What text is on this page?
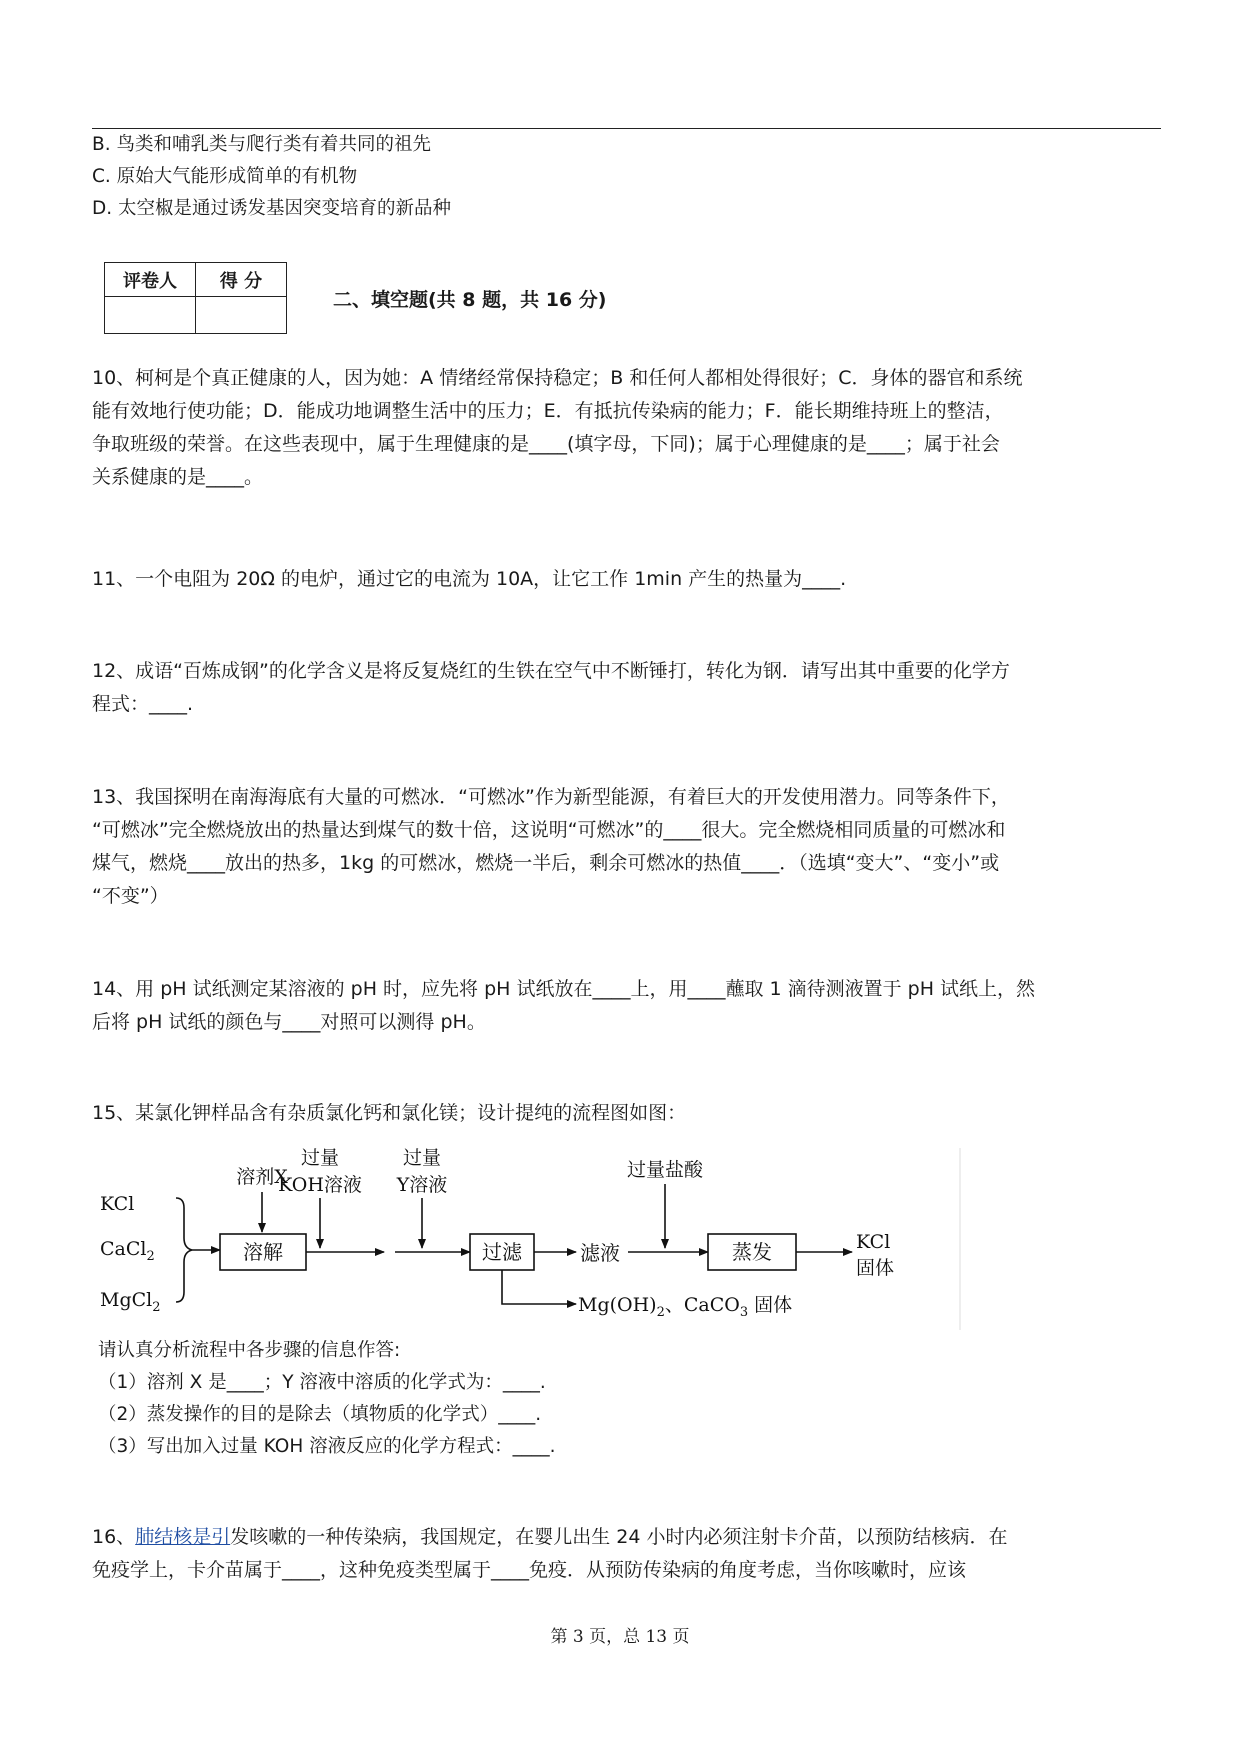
B. 鸟类和哺乳类与爬行类有着共同的祖先
C. 原始大气能形成简单的有机物
D. 太空椒是通过诱发基因突变培育的新品种
评卷人	得 分

二、填空题(共 8 题，共 16 分)
10、柯柯是个真正健康的人，因为她：A 情绪经常保持稳定；B 和任何人都相处得很好；C．身体的器官和系统
能有效地行使功能；D．能成功地调整生活中的压力；E．有抵抗传染病的能力；F．能长期维持班上的整洁，
争取班级的荣誉。在这些表现中，属于生理健康的是____(填字母，下同)；属于心理健康的是____；属于社会
关系健康的是____。
11、一个电阻为 20Ω 的电炉，通过它的电流为 10A，让它工作 1min 产生的热量为____.
12、成语“百炼成钢”的化学含义是将反复烧红的生铁在空气中不断锤打，转化为钢．请写出其中重要的化学方
程式：____.
13、我国探明在南海海底有大量的可燃冰．“可燃冰”作为新型能源，有着巨大的开发使用潜力。同等条件下，
“可燃冰”完全燃烧放出的热量达到煤气的数十倍，这说明“可燃冰”的____很大。完全燃烧相同质量的可燃冰和
煤气，燃烧____放出的热多，1kg 的可燃冰，燃烧一半后，剩余可燃冰的热值____．（选填“变大”、“变小”或
“不变”）
14、用 pH 试纸测定某溶液的 pH 时，应先将 pH 试纸放在____上，用____蘸取 1 滴待测液置于 pH 试纸上，然
后将 pH 试纸的颜色与____对照可以测得 pH。
15、某氯化钾样品含有杂质氯化钙和氯化镁；设计提纯的流程图如图：
KCl
CaCl$_2$
MgCl$_2$
溶解
溶剂X
过量
KOH溶液
过量
Y溶液
过滤	滤液
过量盐酸
蒸发	KCl
固体
$Mg(OH)_2$、CaCO$_3$ 固体
请认真分析流程中各步骤的信息作答:
（1）溶剂 X 是____；Y 溶液中溶质的化学式为：____.
（2）蒸发操作的目的是除去（填物质的化学式）____.
（3）写出加入过量 KOH 溶液反应的化学方程式：____.
16、肺结核是引发咳嗽的一种传染病，我国规定，在婴儿出生 24 小时内必须注射卡介苗，以预防结核病．在
免疫学上，卡介苗属于____，这种免疫类型属于____免疫．从预防传染病的角度考虑，当你咳嗽时，应该
第 3 页，总 13 页
